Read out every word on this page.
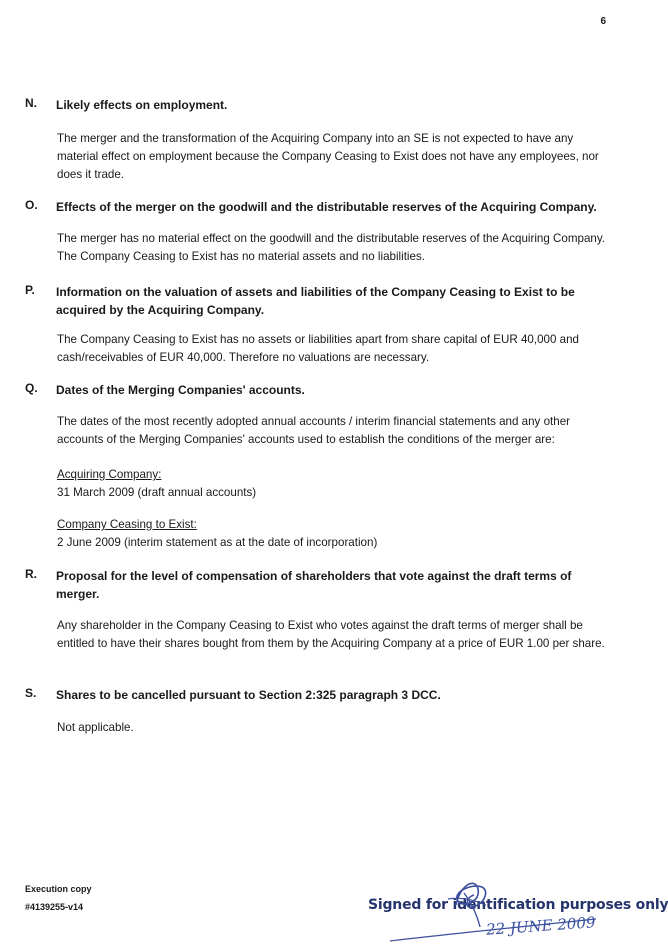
6
N. Likely effects on employment.
The merger and the transformation of the Acquiring Company into an SE is not expected to have any material effect on employment because the Company Ceasing to Exist does not have any employees, nor does it trade.
O. Effects of the merger on the goodwill and the distributable reserves of the Acquiring Company.
The merger has no material effect on the goodwill and the distributable reserves of the Acquiring Company. The Company Ceasing to Exist has no material assets and no liabilities.
P. Information on the valuation of assets and liabilities of the Company Ceasing to Exist to be acquired by the Acquiring Company.
The Company Ceasing to Exist has no assets or liabilities apart from share capital of EUR 40,000 and cash/receivables of EUR 40,000. Therefore no valuations are necessary.
Q. Dates of the Merging Companies' accounts.
The dates of the most recently adopted annual accounts / interim financial statements and any other accounts of the Merging Companies' accounts used to establish the conditions of the merger are:
Acquiring Company:
31 March 2009 (draft annual accounts)
Company Ceasing to Exist:
2 June 2009 (interim statement as at the date of incorporation)
R. Proposal for the level of compensation of shareholders that vote against the draft terms of merger.
Any shareholder in the Company Ceasing to Exist who votes against the draft terms of merger shall be entitled to have their shares bought from them by the Acquiring Company at a price of EUR 1.00 per share.
S. Shares to be cancelled pursuant to Section 2:325 paragraph 3 DCC.
Not applicable.
Execution copy
#4139255-v14	Signed for identification purposes only
22 JUNE 2009
